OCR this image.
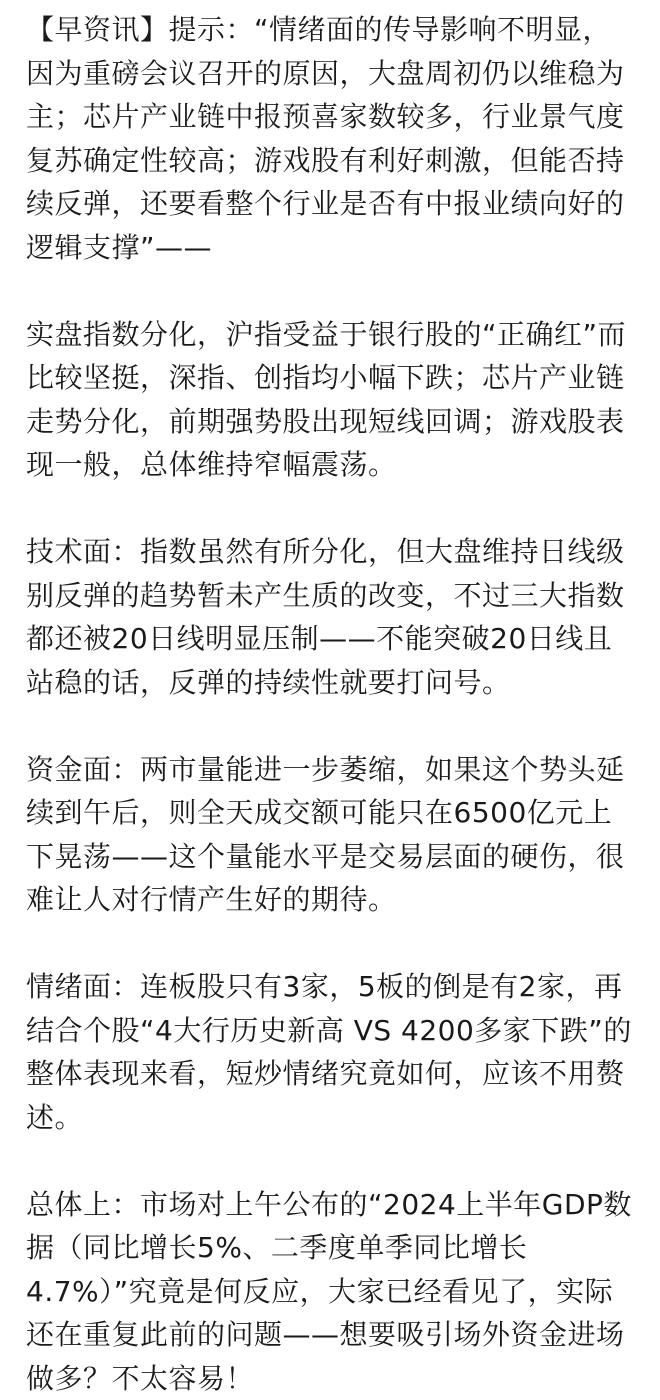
【早资讯】提示：“情绪面的传导影响不明显，
因为重磅会议召开的原因，大盘周初仍以维稳为
主；芯片产业链中报预喜家数较多，行业景气度
复苏确定性较高；游戏股有利好刺激，但能否持
续反弹，还要看整个行业是否有中报业绩向好的
逻辑支撑”——

实盘指数分化，沪指受益于银行股的“正确红”而
比较坚挺，深指、创指均小幅下跌；芯片产业链
走势分化，前期强势股出现短线回调；游戏股表
现一般，总体维持窄幅震荡。

技术面：指数虽然有所分化，但大盘维持日线级
别反弹的趋势暂未产生质的改变，不过三大指数
都还被20日线明显压制——不能突破20日线且
站稳的话，反弹的持续性就要打问号。

资金面：两市量能进一步萎缩，如果这个势头延
续到午后，则全天成交额可能只在6500亿元上
下晃荡——这个量能水平是交易层面的硬伤，很
难让人对行情产生好的期待。

情绪面：连板股只有3家，5板的倒是有2家，再
结合个股“4大行历史新高 VS 4200多家下跌”的
整体表现来看，短炒情绪究竟如何，应该不用赘
述。

总体上：市场对上午公布的“2024上半年GDP数
据（同比增长5%、二季度单季同比增长
4.7%）”究竟是何反应，大家已经看见了，实际
还在重复此前的问题——想要吸引场外资金进场
做多？不太容易！
